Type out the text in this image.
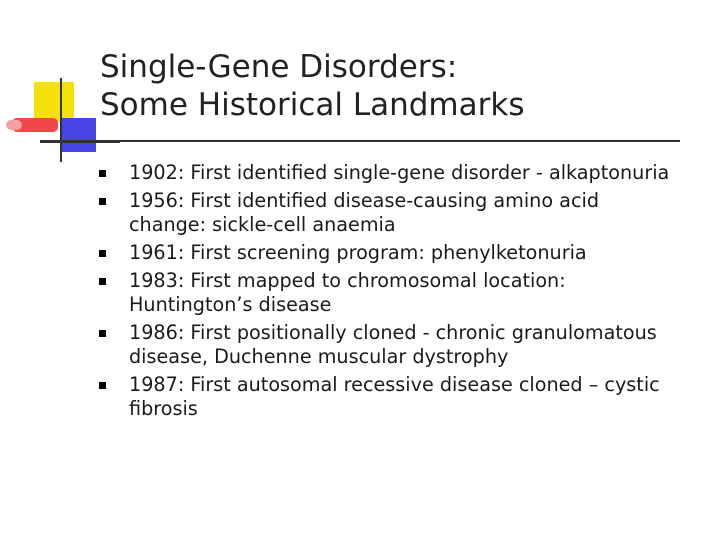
Single-Gene Disorders:
Some Historical Landmarks
1902: First identified single-gene disorder - alkaptonuria
1956: First identified disease-causing amino acid change: sickle-cell anaemia
1961: First screening program: phenylketonuria
1983: First mapped to chromosomal location: Huntington’s disease
1986: First positionally cloned - chronic granulomatous disease, Duchenne muscular dystrophy
1987: First autosomal recessive disease cloned – cystic fibrosis
